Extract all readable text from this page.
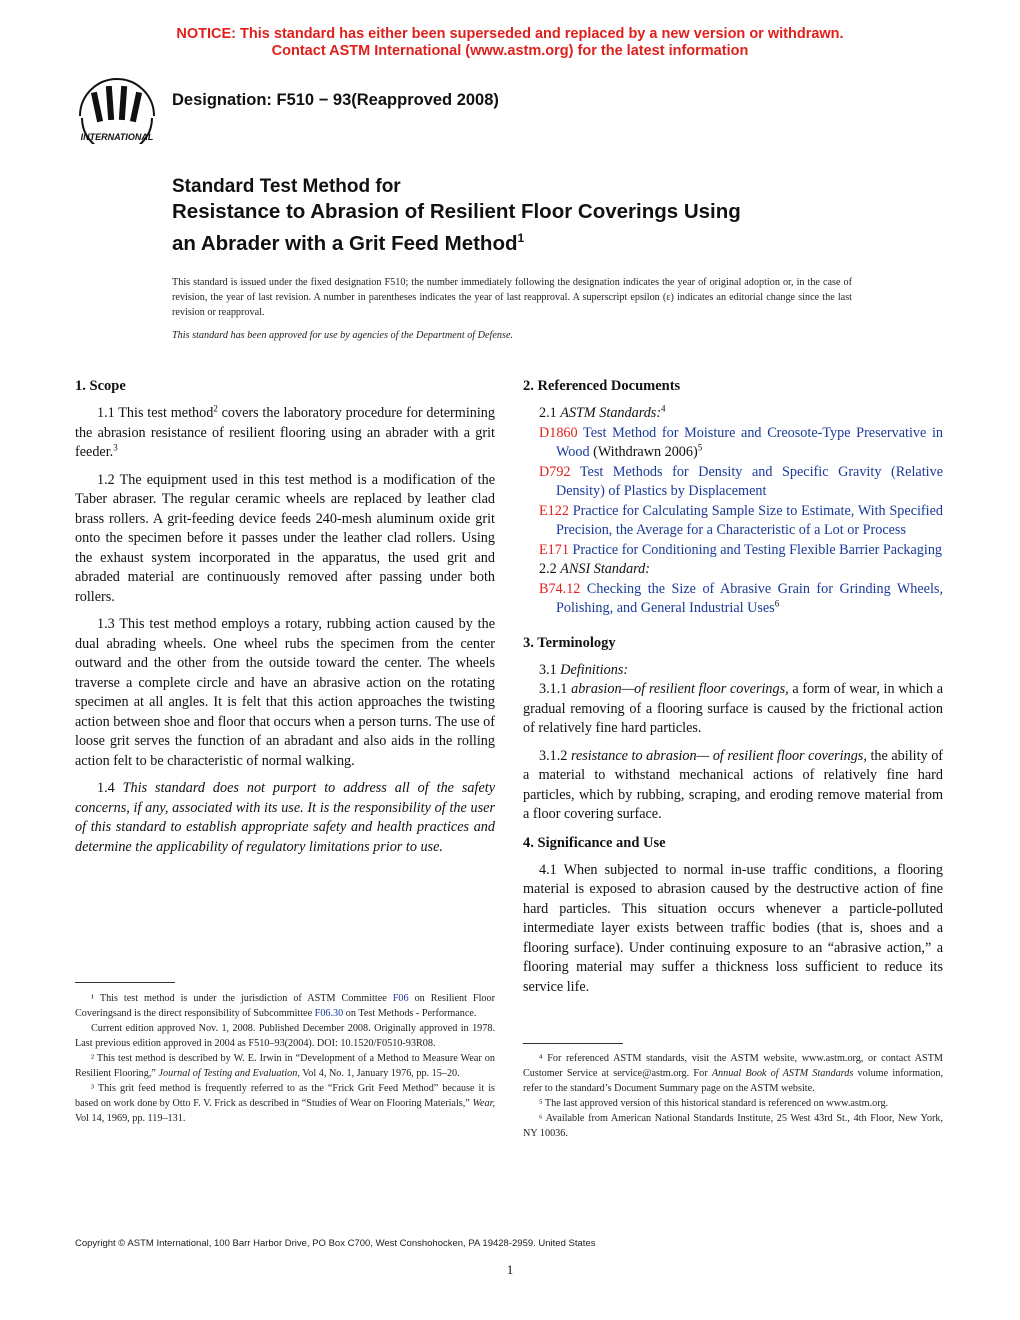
NOTICE: This standard has either been superseded and replaced by a new version or withdrawn.
Contact ASTM International (www.astm.org) for the latest information
INTERNATIONAL
Designation: F510 − 93(Reapproved 2008)
Standard Test Method for
Resistance to Abrasion of Resilient Floor Coverings Using
an Abrader with a Grit Feed Method$^1$
This standard is issued under the fixed designation F510; the number immediately following the designation indicates the year of original adoption or, in the case of revision, the year of last revision. A number in parentheses indicates the year of last reapproval. A superscript epsilon (ε) indicates an editorial change since the last revision or reapproval.
This standard has been approved for use by agencies of the Department of Defense.
1. Scope

1.1 This test method$^2$ covers the laboratory procedure for determining the abrasion resistance of resilient flooring using an abrader with a grit feeder.$^3$

1.2 The equipment used in this test method is a modification of the Taber abraser. The regular ceramic wheels are replaced by leather clad brass rollers. A grit-feeding device feeds 240-mesh aluminum oxide grit onto the specimen before it passes under the leather clad rollers. Using the exhaust system incorporated in the apparatus, the used grit and abraded material are continuously removed after passing under both rollers.

1.3 This test method employs a rotary, rubbing action caused by the dual abrading wheels. One wheel rubs the specimen from the center outward and the other from the outside toward the center. The wheels traverse a complete circle and have an abrasive action on the rotating specimen at all angles. It is felt that this action approaches the twisting action between shoe and floor that occurs when a person turns. The use of loose grit serves the function of an abradant and also aids in the rolling action felt to be characteristic of normal walking.

1.4 This standard does not purport to address all of the safety concerns, if any, associated with its use. It is the responsibility of the user of this standard to establish appropriate safety and health practices and determine the applicability of regulatory limitations prior to use.

¹ This test method is under the jurisdiction of ASTM Committee F06 on Resilient Floor Coveringsand is the direct responsibility of Subcommittee F06.30 on Test Methods - Performance.

Current edition approved Nov. 1, 2008. Published December 2008. Originally approved in 1978. Last previous edition approved in 2004 as F510–93(2004). DOI: 10.1520/F0510-93R08.

² This test method is described by W. E. Irwin in “Development of a Method to Measure Wear on Resilient Flooring,” Journal of Testing and Evaluation, Vol 4, No. 1, January 1976, pp. 15–20.

³ This grit feed method is frequently referred to as the “Frick Grit Feed Method” because it is based on work done by Otto F. V. Frick as described in “Studies of Wear on Flooring Materials,” Wear, Vol 14, 1969, pp. 119–131.

2. Referenced Documents
2.1 ASTM Standards:$^4$
D1860 Test Method for Moisture and Creosote-Type Preservative in Wood (Withdrawn 2006)$^5$
D792 Test Methods for Density and Specific Gravity (Relative Density) of Plastics by Displacement
E122 Practice for Calculating Sample Size to Estimate, With Specified Precision, the Average for a Characteristic of a Lot or Process
E171 Practice for Conditioning and Testing Flexible Barrier Packaging
2.2 ANSI Standard:
B74.12 Checking the Size of Abrasive Grain for Grinding Wheels, Polishing, and General Industrial Uses$^6$
3. Terminology
3.1 Definitions:

3.1.1 abrasion—of resilient floor coverings, a form of wear, in which a gradual removing of a flooring surface is caused by the frictional action of relatively fine hard particles.

3.1.2 resistance to abrasion— of resilient floor coverings, the ability of a material to withstand mechanical actions of relatively fine hard particles, which by rubbing, scraping, and eroding remove material from a floor covering surface.

4. Significance and Use

4.1 When subjected to normal in-use traffic conditions, a flooring material is exposed to abrasion caused by the destructive action of fine hard particles. This situation occurs whenever a particle-polluted intermediate layer exists between traffic bodies (that is, shoes and a flooring surface). Under continuing exposure to an “abrasive action,” a flooring material may suffer a thickness loss sufficient to reduce its service life.

⁴ For referenced ASTM standards, visit the ASTM website, www.astm.org, or contact ASTM Customer Service at service@astm.org. For Annual Book of ASTM Standards volume information, refer to the standard’s Document Summary page on the ASTM website.

⁵ The last approved version of this historical standard is referenced on www.astm.org.

⁶ Available from American National Standards Institute, 25 West 43rd St., 4th Floor, New York, NY 10036.

Copyright © ASTM International, 100 Barr Harbor Drive, PO Box C700, West Conshohocken, PA 19428-2959. United States
1
